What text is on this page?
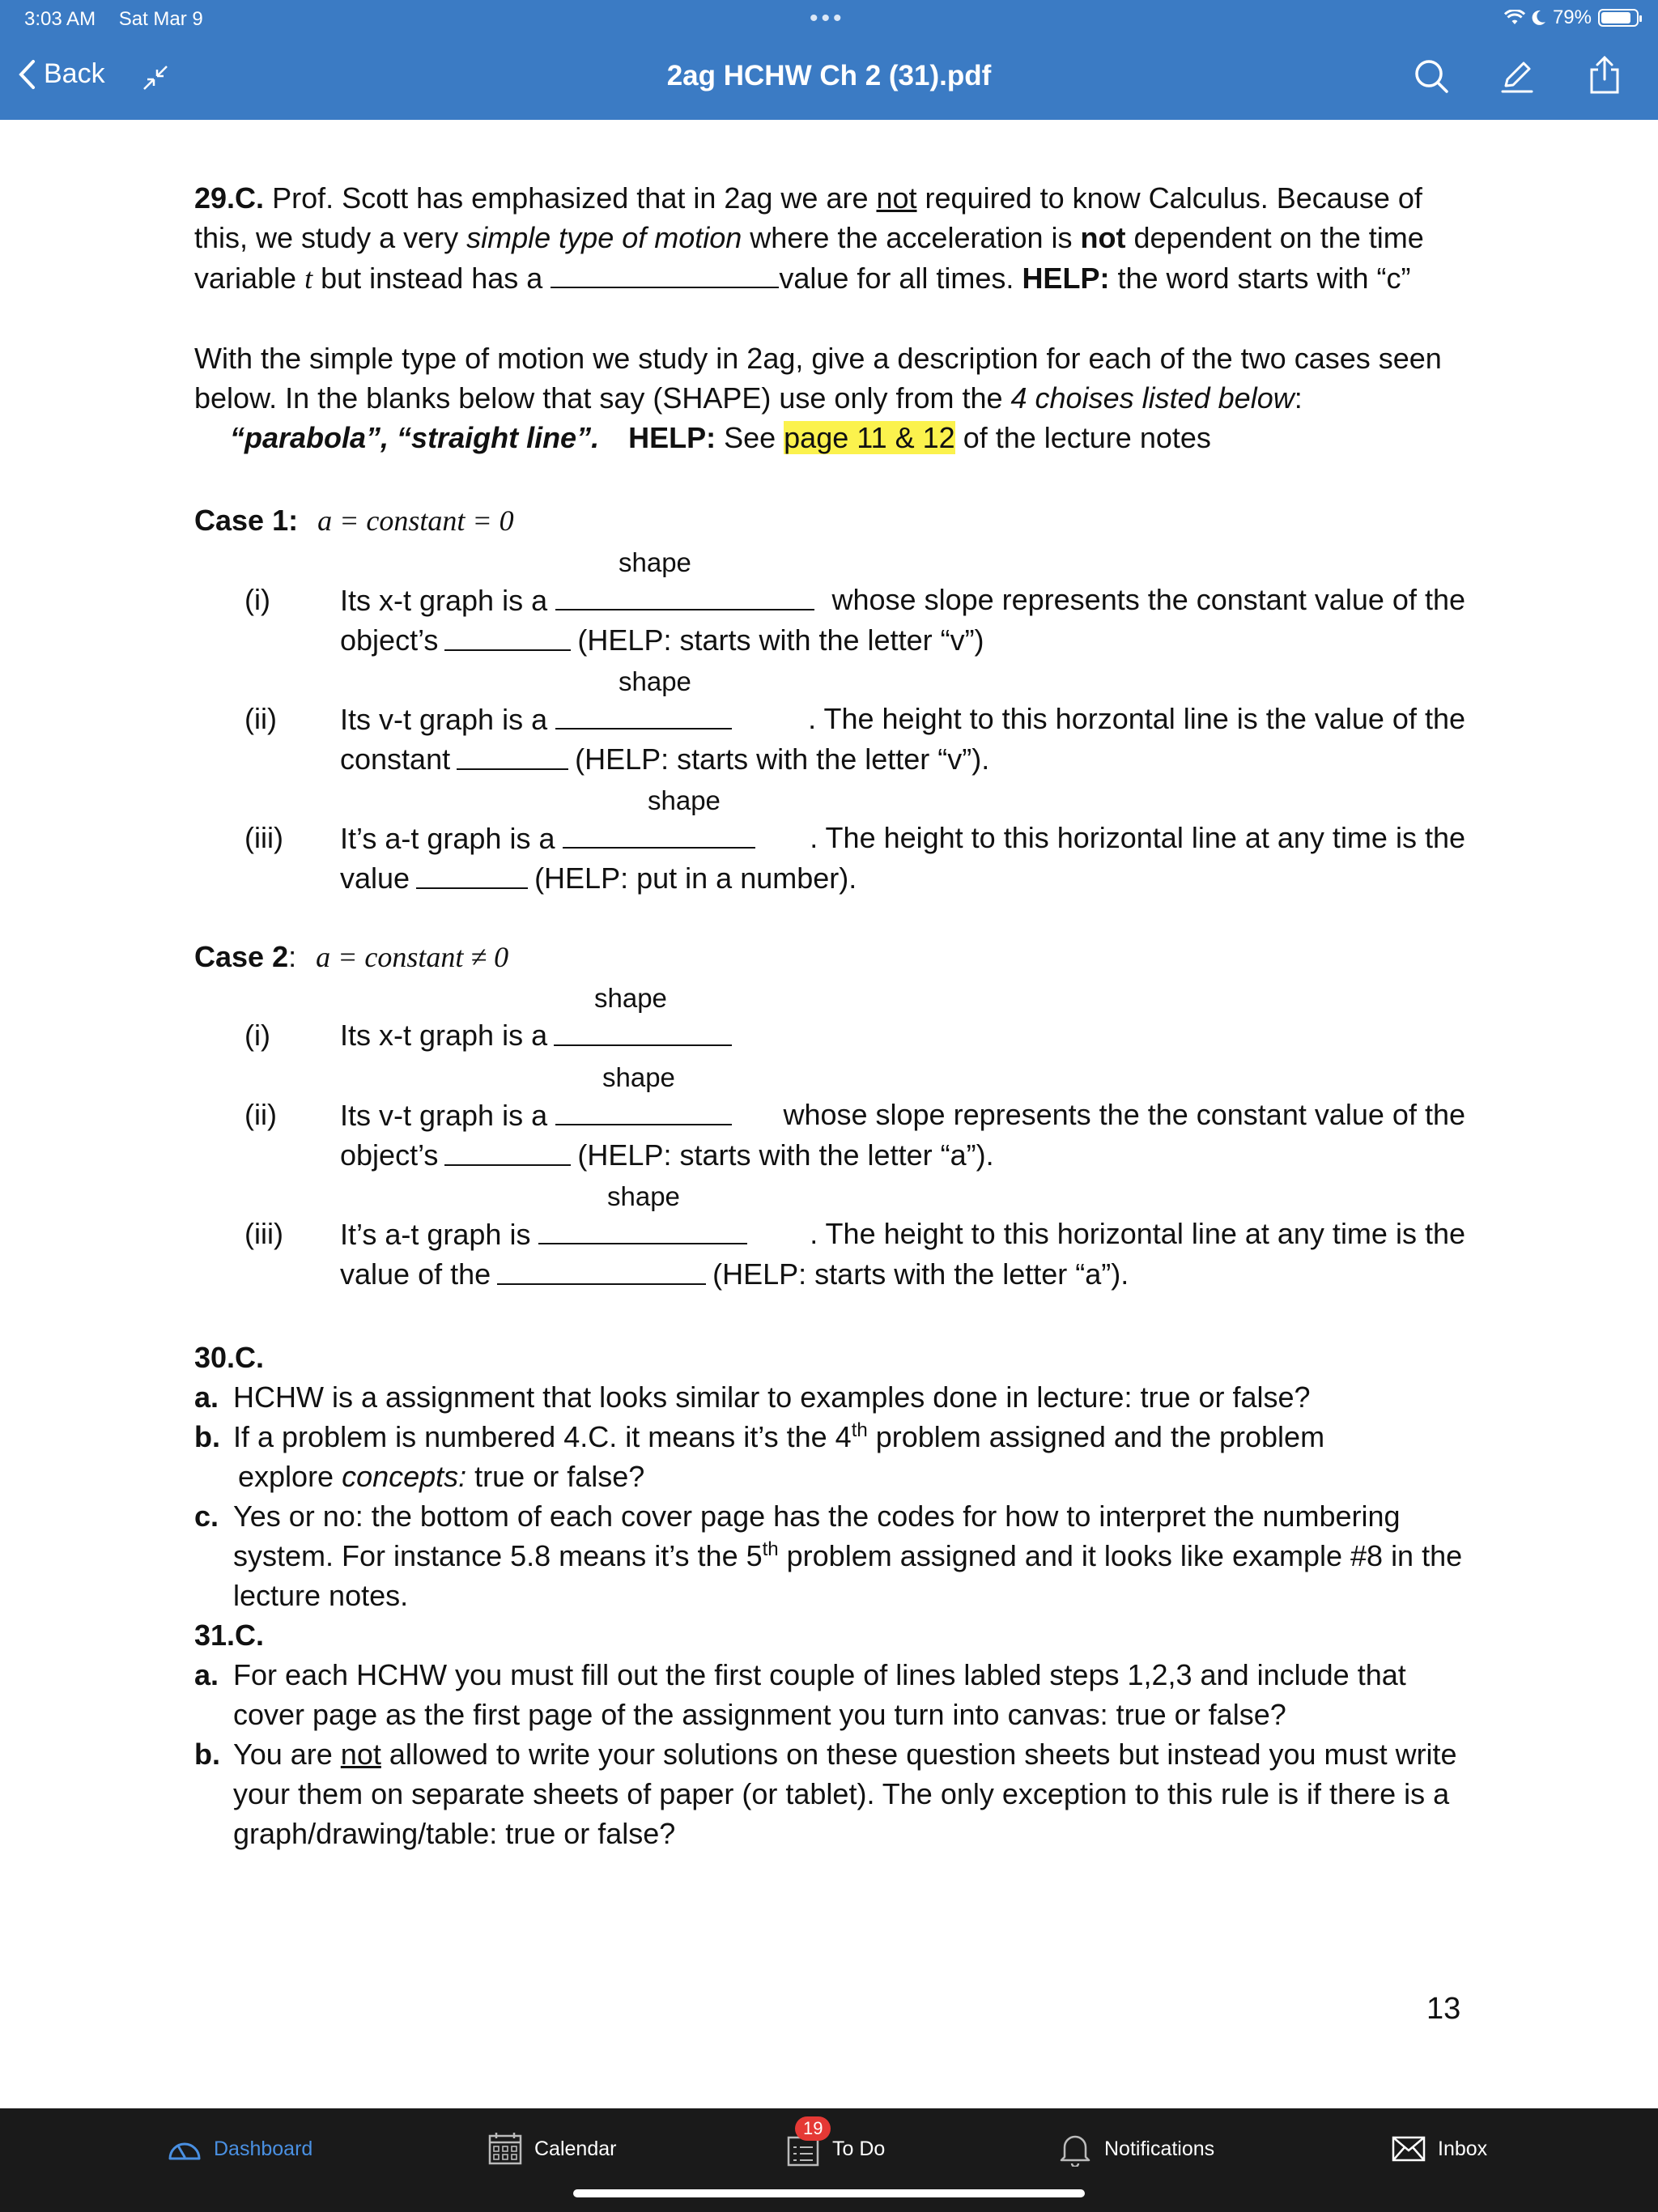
3:03 AM Sat Mar 9	•••	79%
Back	2ag HCHW Ch 2 (31).pdf

29.C. Prof. Scott has emphasized that in 2ag we are not required to know Calculus. Because of this, we study a very simple type of motion where the acceleration is not dependent on the time variable t but instead has a	value for all times. HELP: the word starts with “c”

With the simple type of motion we study in 2ag, give a description for each of the two cases seen below. In the blanks below that say (SHAPE) use only from the 4 choises listed below:
“parabola”, “straight line”. HELP: See page 11 & 12 of the lecture notes

Case 1: a = constant = 0
shape
(i) Its x-t graph is a	whose slope represents the constant value of the
object’s	(HELP: starts with the letter “v”)
shape
(ii) Its v-t graph is a	. The height to this horzontal line is the value of the
constant	(HELP: starts with the letter “v”).
shape
(iii) It’s a-t graph is a	. The height to this horizontal line at any time is the
value	(HELP: put in a number).
Case 2: a = constant ≠ 0
shape
(i) Its x-t graph is a
shape
(ii) Its v-t graph is a	whose slope represents the the constant value of the
object’s	(HELP: starts with the letter “a”).
shape
(iii) It’s a-t graph is	. The height to this horizontal line at any time is the
value of the	(HELP: starts with the letter “a”).
30.C.
a. HCHW is a assignment that looks similar to examples done in lecture: true or false?
b. If a problem is numbered 4.C. it means it’s the 4th problem assigned and the problem
explore concepts: true or false?
c. Yes or no: the bottom of each cover page has the codes for how to interpret the numbering system. For instance 5.8 means it’s the 5th problem assigned and it looks like example #8 in the lecture notes.
31.C.
a. For each HCHW you must fill out the first couple of lines labled steps 1,2,3 and include that cover page as the first page of the assignment you turn into canvas: true or false?
b. You are not allowed to write your solutions on these question sheets but instead you must write your them on separate sheets of paper (or tablet). The only exception to this rule is if there is a graph/drawing/table: true or false?
13
Dashboard	Calendar	To Do
19
Notifications	Inbox
